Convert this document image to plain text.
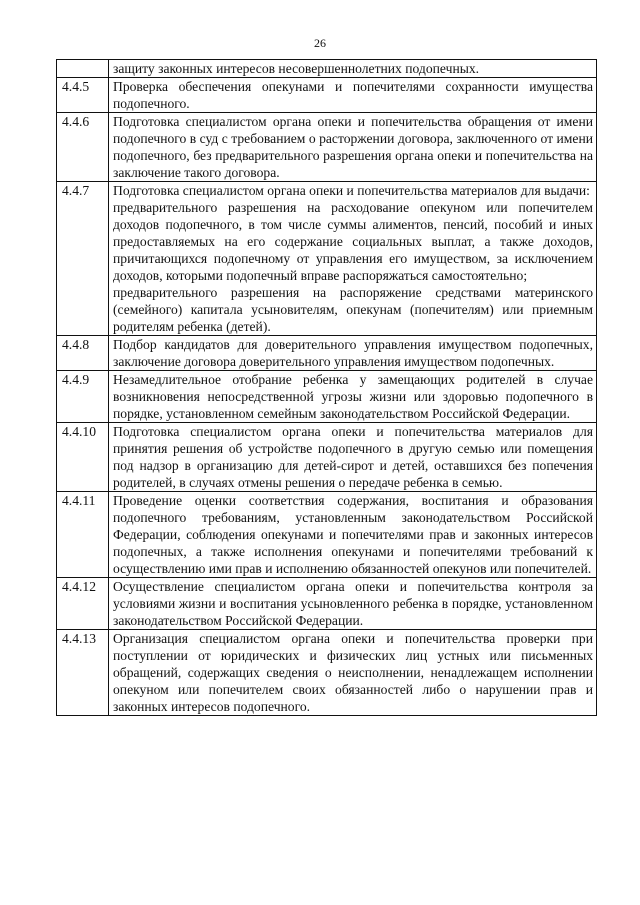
26

	защиту законных интересов несовершеннолетних подопечных.

4.4.5	Проверка обеспечения опекунами и попечителями сохранности имущества подопечного.

4.4.6	Подготовка специалистом органа опеки и попечительства обращения от имени подопечного в суд с требованием о расторжении договора, заключенного от имени подопечного, без предварительного разрешения органа опеки и попечительства на заключение такого договора.

4.4.7	Подготовка специалистом органа опеки и попечительства материалов для выдачи:
предварительного разрешения на расходование опекуном или попечителем доходов подопечного, в том числе суммы алиментов, пенсий, пособий и иных предоставляемых на его содержание социальных выплат, а также доходов, причитающихся подопечному от управления его имуществом, за исключением доходов, которыми подопечный вправе распоряжаться самостоятельно;
предварительного разрешения на распоряжение средствами материнского (семейного) капитала усыновителям, опекунам (попечителям) или приемным родителям ребенка (детей).

4.4.8	Подбор кандидатов для доверительного управления имуществом подопечных, заключение договора доверительного управления имуществом подопечных.

4.4.9	Незамедлительное отобрание ребенка у замещающих родителей в случае возникновения непосредственной угрозы жизни или здоровью подопечного в порядке, установленном семейным законодательством Российской Федерации.

4.4.10	Подготовка специалистом органа опеки и попечительства материалов для принятия решения об устройстве подопечного в другую семью или помещения под надзор в организацию для детей-сирот и детей, оставшихся без попечения родителей, в случаях отмены решения о передаче ребенка в семью.

4.4.11	Проведение оценки соответствия содержания, воспитания и образования подопечного требованиям, установленным законодательством Российской Федерации, соблюдения опекунами и попечителями прав и законных интересов подопечных, а также исполнения опекунами и попечителями требований к осуществлению ими прав и исполнению обязанностей опекунов или попечителей.

4.4.12	Осуществление специалистом органа опеки и попечительства контроля за условиями жизни и воспитания усыновленного ребенка в порядке, установленном законодательством Российской Федерации.

4.4.13	Организация специалистом органа опеки и попечительства проверки при поступлении от юридических и физических лиц устных или письменных обращений, содержащих сведения о неисполнении, ненадлежащем исполнении опекуном или попечителем своих обязанностей либо о нарушении прав и законных интересов подопечного.
